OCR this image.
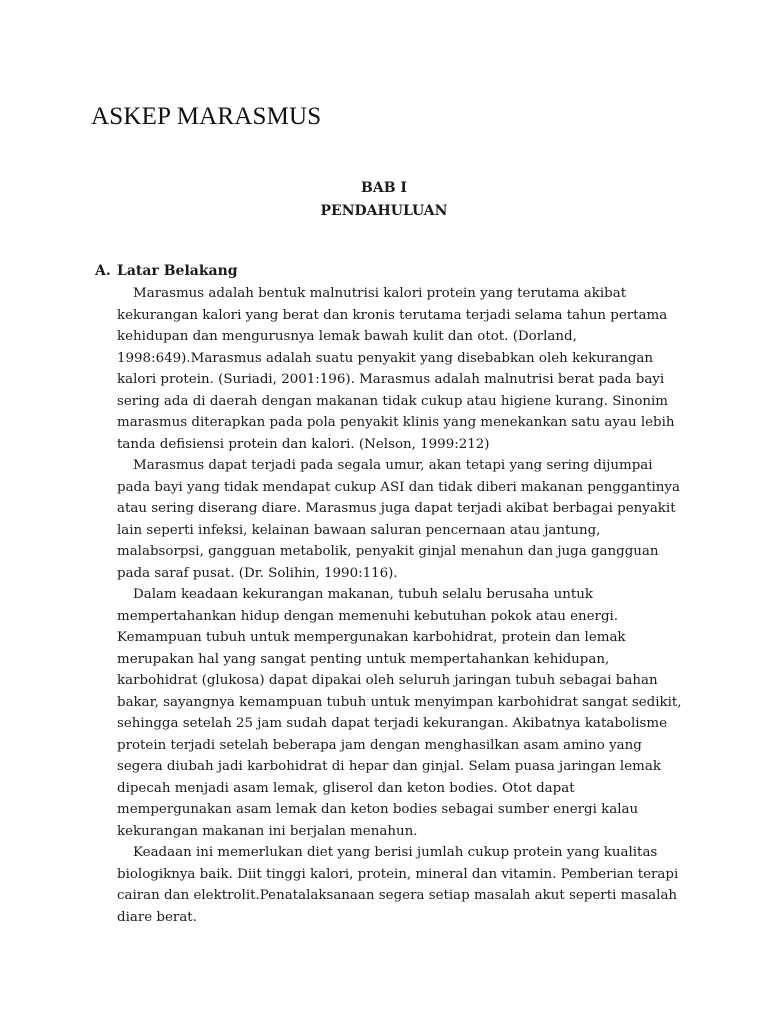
ASKEP MARASMUS
BAB I
PENDAHULUAN
A. Latar Belakang

Marasmus adalah bentuk malnutrisi kalori protein yang terutama akibat kekurangan kalori yang berat dan kronis terutama terjadi selama tahun pertama kehidupan dan mengurusnya lemak bawah kulit dan otot. (Dorland, 1998:649).Marasmus adalah suatu penyakit yang disebabkan oleh kekurangan kalori protein. (Suriadi, 2001:196). Marasmus adalah malnutrisi berat pada bayi sering ada di daerah dengan makanan tidak cukup atau higiene kurang. Sinonim marasmus diterapkan pada pola penyakit klinis yang menekankan satu ayau lebih tanda defisiensi protein dan kalori. (Nelson, 1999:212)

Marasmus dapat terjadi pada segala umur, akan tetapi yang sering dijumpai pada bayi yang tidak mendapat cukup ASI dan tidak diberi makanan penggantinya atau sering diserang diare. Marasmus juga dapat terjadi akibat berbagai penyakit lain seperti infeksi, kelainan bawaan saluran pencernaan atau jantung, malabsorpsi, gangguan metabolik, penyakit ginjal menahun dan juga gangguan pada saraf pusat. (Dr. Solihin, 1990:116).

Dalam keadaan kekurangan makanan, tubuh selalu berusaha untuk mempertahankan hidup dengan memenuhi kebutuhan pokok atau energi. Kemampuan tubuh untuk mempergunakan karbohidrat, protein dan lemak merupakan hal yang sangat penting untuk mempertahankan kehidupan, karbohidrat (glukosa) dapat dipakai oleh seluruh jaringan tubuh sebagai bahan bakar, sayangnya kemampuan tubuh untuk menyimpan karbohidrat sangat sedikit, sehingga setelah 25 jam sudah dapat terjadi kekurangan. Akibatnya katabolisme protein terjadi setelah beberapa jam dengan menghasilkan asam amino yang segera diubah jadi karbohidrat di hepar dan ginjal. Selam puasa jaringan lemak dipecah menjadi asam lemak, gliserol dan keton bodies. Otot dapat mempergunakan asam lemak dan keton bodies sebagai sumber energi kalau kekurangan makanan ini berjalan menahun.

Keadaan ini memerlukan diet yang berisi jumlah cukup protein yang kualitas biologiknya baik. Diit tinggi kalori, protein, mineral dan vitamin. Pemberian terapi cairan dan elektrolit.Penatalaksanaan segera setiap masalah akut seperti masalah diare berat.
